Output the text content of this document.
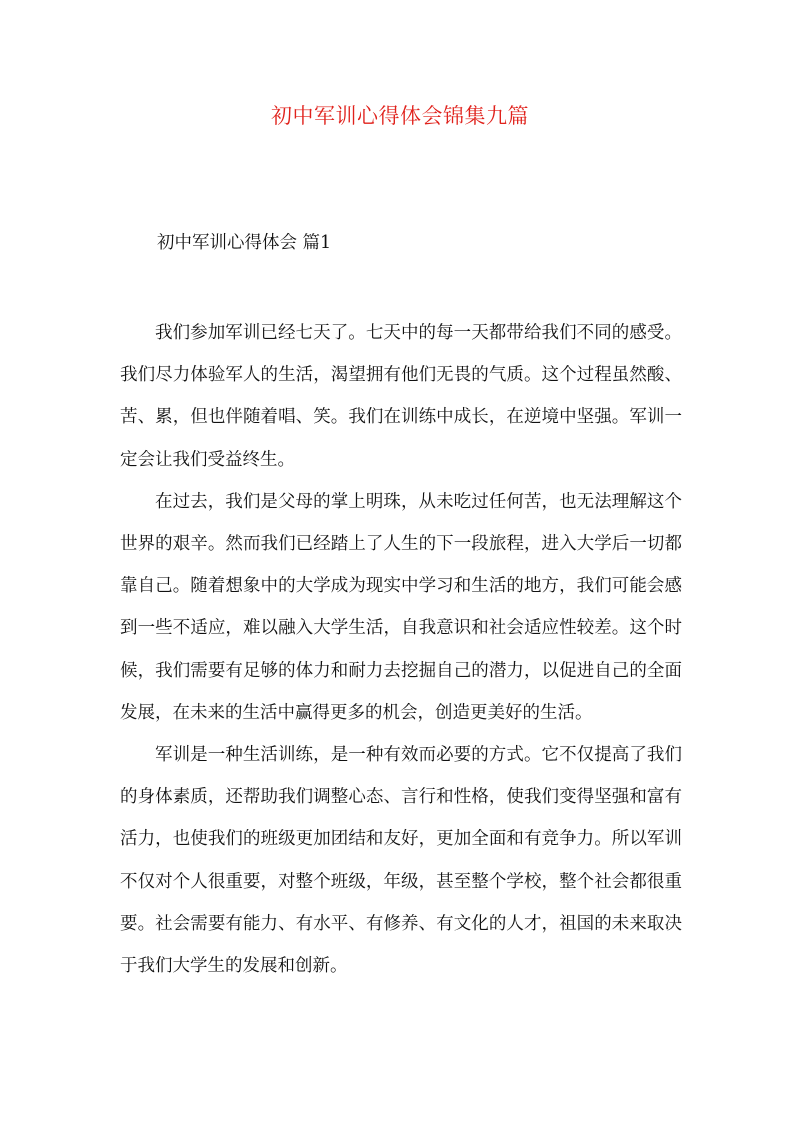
初中军训心得体会锦集九篇
初中军训心得体会 篇1

我们参加军训已经七天了。七天中的每一天都带给我们不同的感受。我们尽力体验军人的生活，渴望拥有他们无畏的气质。这个过程虽然酸、苦、累，但也伴随着唱、笑。我们在训练中成长，在逆境中坚强。军训一定会让我们受益终生。

在过去，我们是父母的掌上明珠，从未吃过任何苦，也无法理解这个世界的艰辛。然而我们已经踏上了人生的下一段旅程，进入大学后一切都靠自己。随着想象中的大学成为现实中学习和生活的地方，我们可能会感到一些不适应，难以融入大学生活，自我意识和社会适应性较差。这个时候，我们需要有足够的体力和耐力去挖掘自己的潜力，以促进自己的全面发展，在未来的生活中赢得更多的机会，创造更美好的生活。

军训是一种生活训练，是一种有效而必要的方式。它不仅提高了我们的身体素质，还帮助我们调整心态、言行和性格，使我们变得坚强和富有活力，也使我们的班级更加团结和友好，更加全面和有竞争力。所以军训不仅对个人很重要，对整个班级，年级，甚至整个学校，整个社会都很重要。社会需要有能力、有水平、有修养、有文化的人才，祖国的未来取决于我们大学生的发展和创新。
